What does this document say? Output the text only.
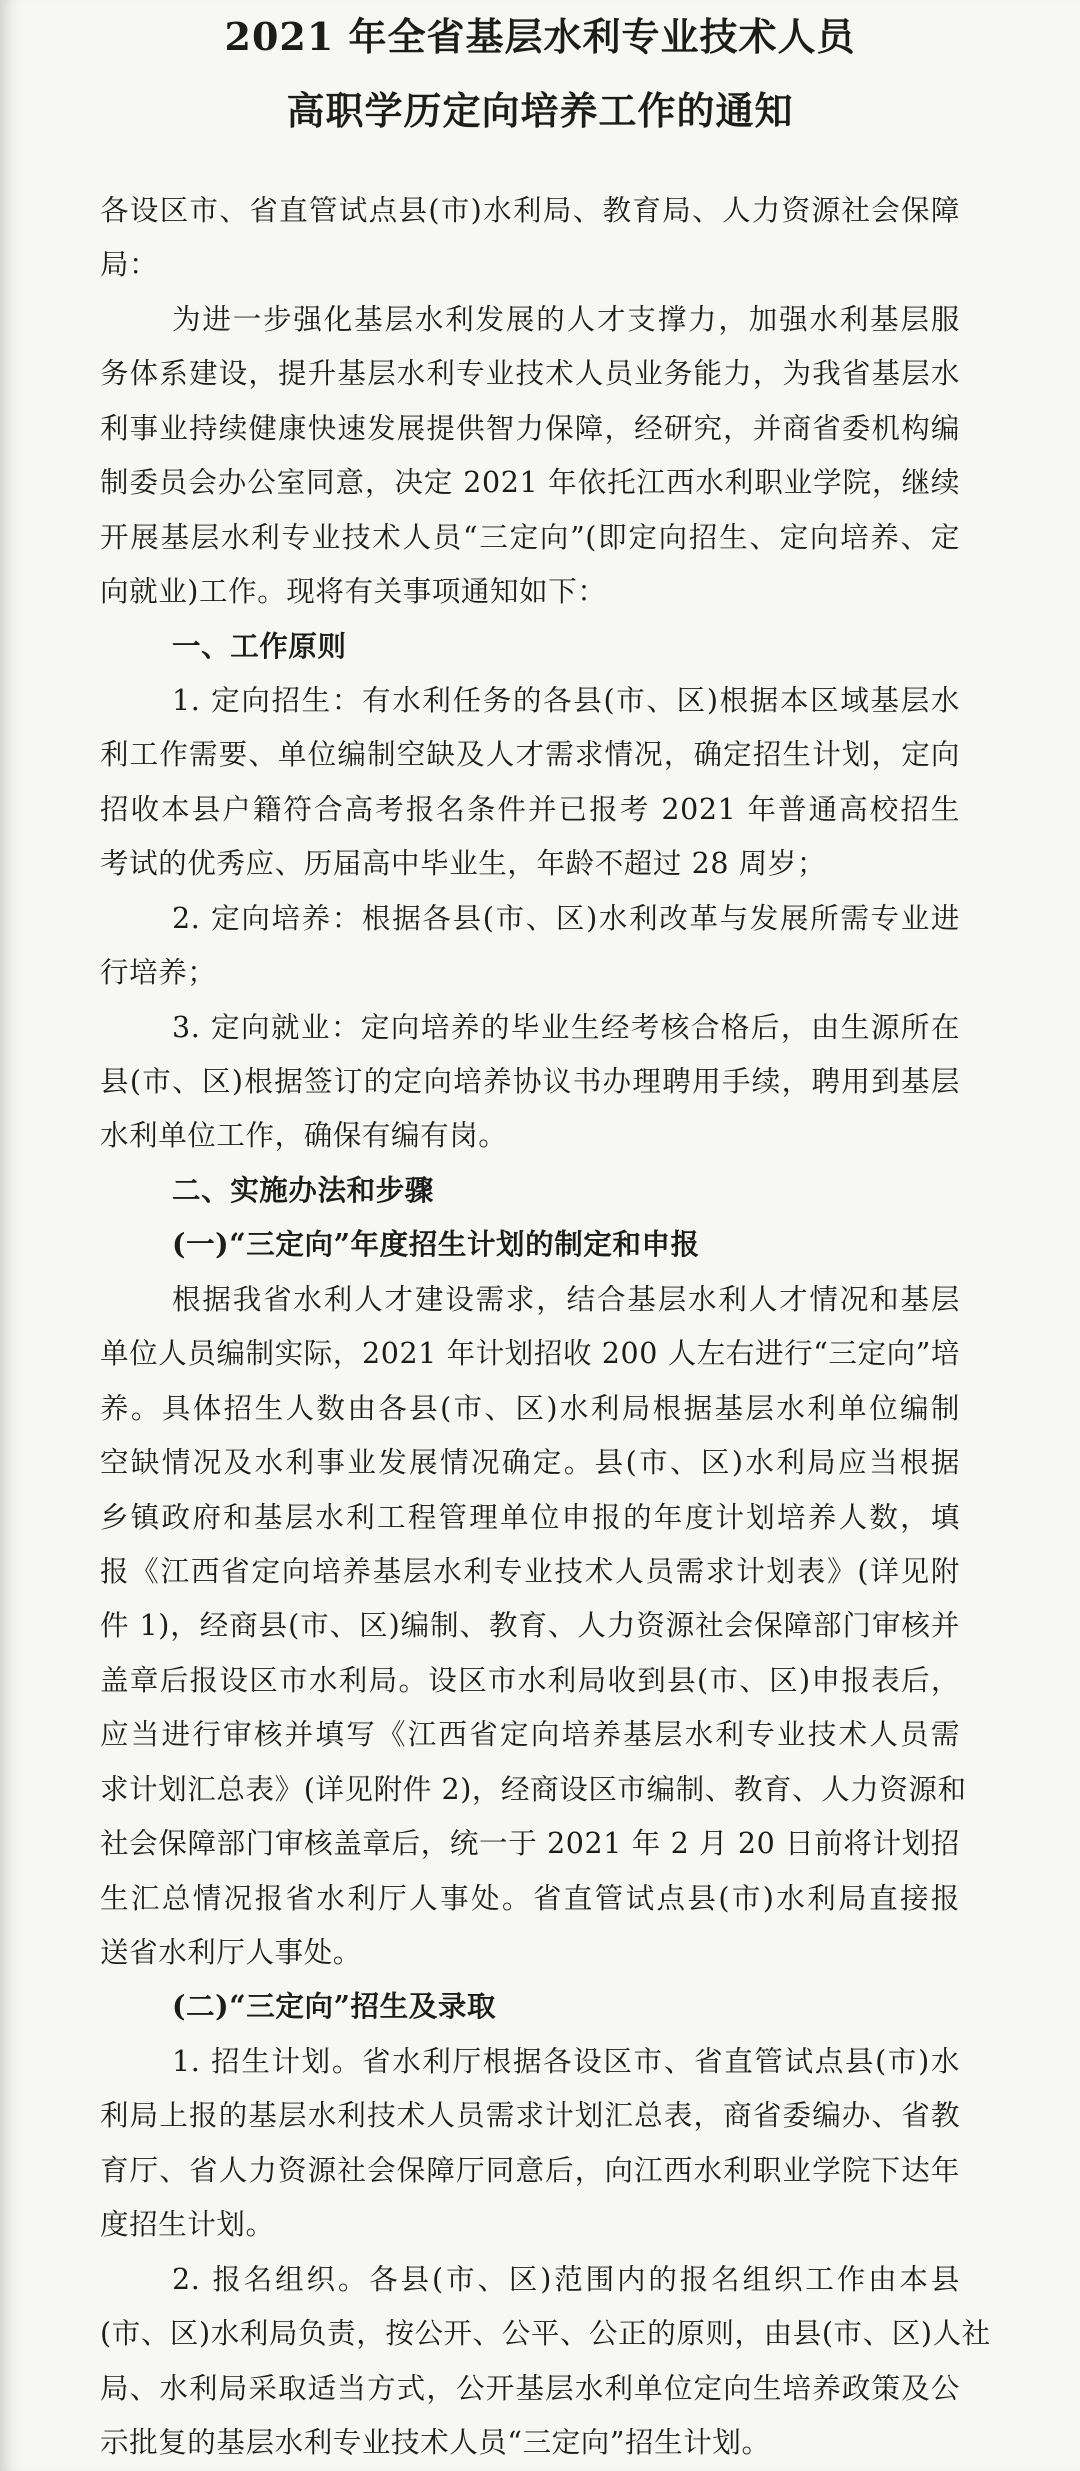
2021 年全省基层水利专业技术人员
高职学历定向培养工作的通知
各设区市、省直管试点县(市)水利局、教育局、人力资源社会保障
局：
为进一步强化基层水利发展的人才支撑力，加强水利基层服
务体系建设，提升基层水利专业技术人员业务能力，为我省基层水
利事业持续健康快速发展提供智力保障，经研究，并商省委机构编
制委员会办公室同意，决定 2021 年依托江西水利职业学院，继续
开展基层水利专业技术人员“三定向”(即定向招生、定向培养、定
向就业)工作。现将有关事项通知如下：
一、工作原则
1. 定向招生：有水利任务的各县(市、区)根据本区域基层水
利工作需要、单位编制空缺及人才需求情况，确定招生计划，定向
招收本县户籍符合高考报名条件并已报考 2021 年普通高校招生
考试的优秀应、历届高中毕业生，年龄不超过 28 周岁；
2. 定向培养：根据各县(市、区)水利改革与发展所需专业进
行培养；
3. 定向就业：定向培养的毕业生经考核合格后，由生源所在
县(市、区)根据签订的定向培养协议书办理聘用手续，聘用到基层
水利单位工作，确保有编有岗。
二、实施办法和步骤
(一)“三定向”年度招生计划的制定和申报
根据我省水利人才建设需求，结合基层水利人才情况和基层
单位人员编制实际，2021 年计划招收 200 人左右进行“三定向”培
养。具体招生人数由各县(市、区)水利局根据基层水利单位编制
空缺情况及水利事业发展情况确定。县(市、区)水利局应当根据
乡镇政府和基层水利工程管理单位申报的年度计划培养人数，填
报《江西省定向培养基层水利专业技术人员需求计划表》(详见附
件 1)，经商县(市、区)编制、教育、人力资源社会保障部门审核并
盖章后报设区市水利局。设区市水利局收到县(市、区)申报表后，
应当进行审核并填写《江西省定向培养基层水利专业技术人员需
求计划汇总表》(详见附件 2)，经商设区市编制、教育、人力资源和
社会保障部门审核盖章后，统一于 2021 年 2 月 20 日前将计划招
生汇总情况报省水利厅人事处。省直管试点县(市)水利局直接报
送省水利厅人事处。
(二)“三定向”招生及录取
1. 招生计划。省水利厅根据各设区市、省直管试点县(市)水
利局上报的基层水利技术人员需求计划汇总表，商省委编办、省教
育厅、省人力资源社会保障厅同意后，向江西水利职业学院下达年
度招生计划。
2. 报名组织。各县(市、区)范围内的报名组织工作由本县
(市、区)水利局负责，按公开、公平、公正的原则，由县(市、区)人社
局、水利局采取适当方式，公开基层水利单位定向生培养政策及公
示批复的基层水利专业技术人员“三定向”招生计划。
